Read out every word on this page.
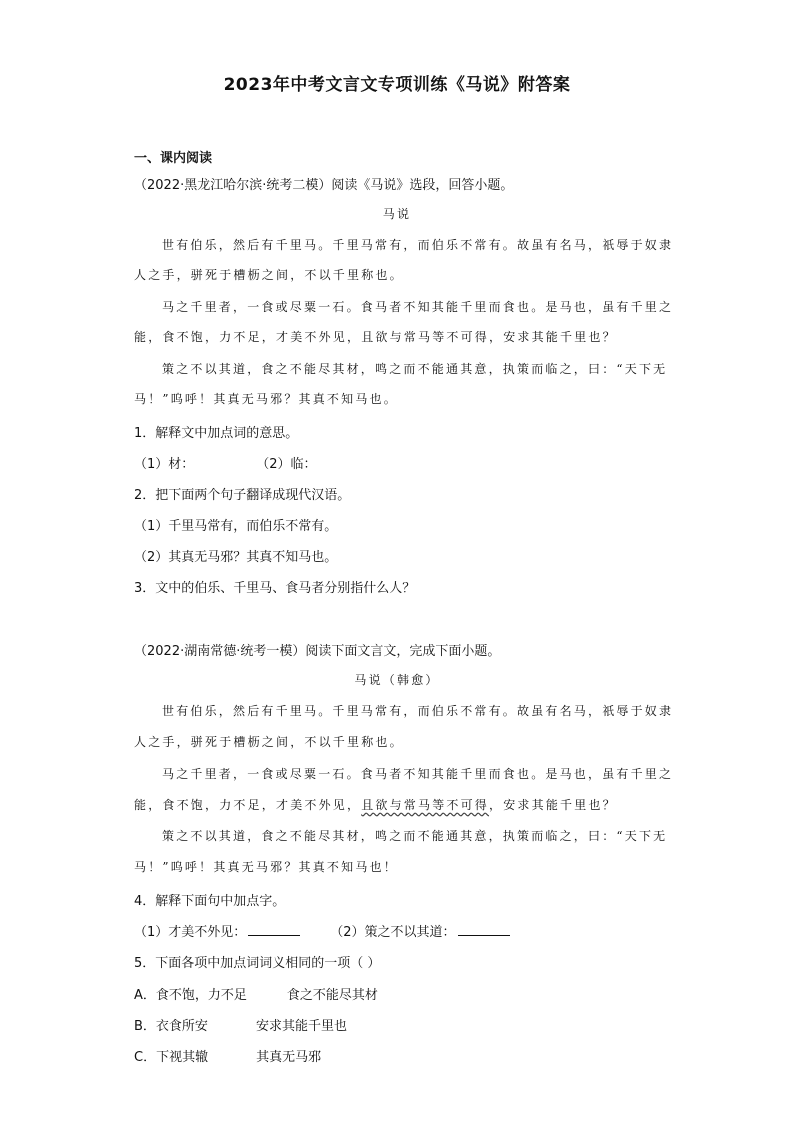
2023年中考文言文专项训练《马说》附答案
一、课内阅读
（2022·黑龙江哈尔滨·统考二模）阅读《马说》选段，回答小题。
马说
世有伯乐，然后有千里马。千里马常有，而伯乐不常有。故虽有名马，祇辱于奴隶
人之手，骈死于槽枥之间，不以千里称也。
马之千里者，一食或尽粟一石。食马者不知其能千里而食也。是马也，虽有千里之
能，食不饱，力不足，才美不外见，且欲与常马等不可得，安求其能千里也？
策之不以其道，食之不能尽其材，鸣之而不能通其意，执策而临之，曰：“天下无
马！”呜呼！其真无马邪？其真不知马也。
1．解释文中加点词的意思。
（1）材：	（2）临：
2．把下面两个句子翻译成现代汉语。
（1）千里马常有，而伯乐不常有。
（2）其真无马邪？其真不知马也。
3．文中的伯乐、千里马、食马者分别指什么人？
（2022·湖南常德·统考一模）阅读下面文言文，完成下面小题。
马说（韩愈）
世有伯乐，然后有千里马。千里马常有，而伯乐不常有。故虽有名马，祇辱于奴隶
人之手，骈死于槽枥之间，不以千里称也。
马之千里者，一食或尽粟一石。食马者不知其能千里而食也。是马也，虽有千里之
能，食不饱，力不足，才美不外见，且欲与常马等不可得，安求其能千里也？
策之不以其道，食之不能尽其材，鸣之而不能通其意，执策而临之，曰：“天下无
马！”呜呼！其真无马邪？其真不知马也！
4．解释下面句中加点字。
（1）才美不外见：	（2）策之不以其道：
5．下面各项中加点词词义相同的一项（ ）
A．食不饱，力不足	食之不能尽其材
B．衣食所安	安求其能千里也
C．下视其辙	其真无马邪
